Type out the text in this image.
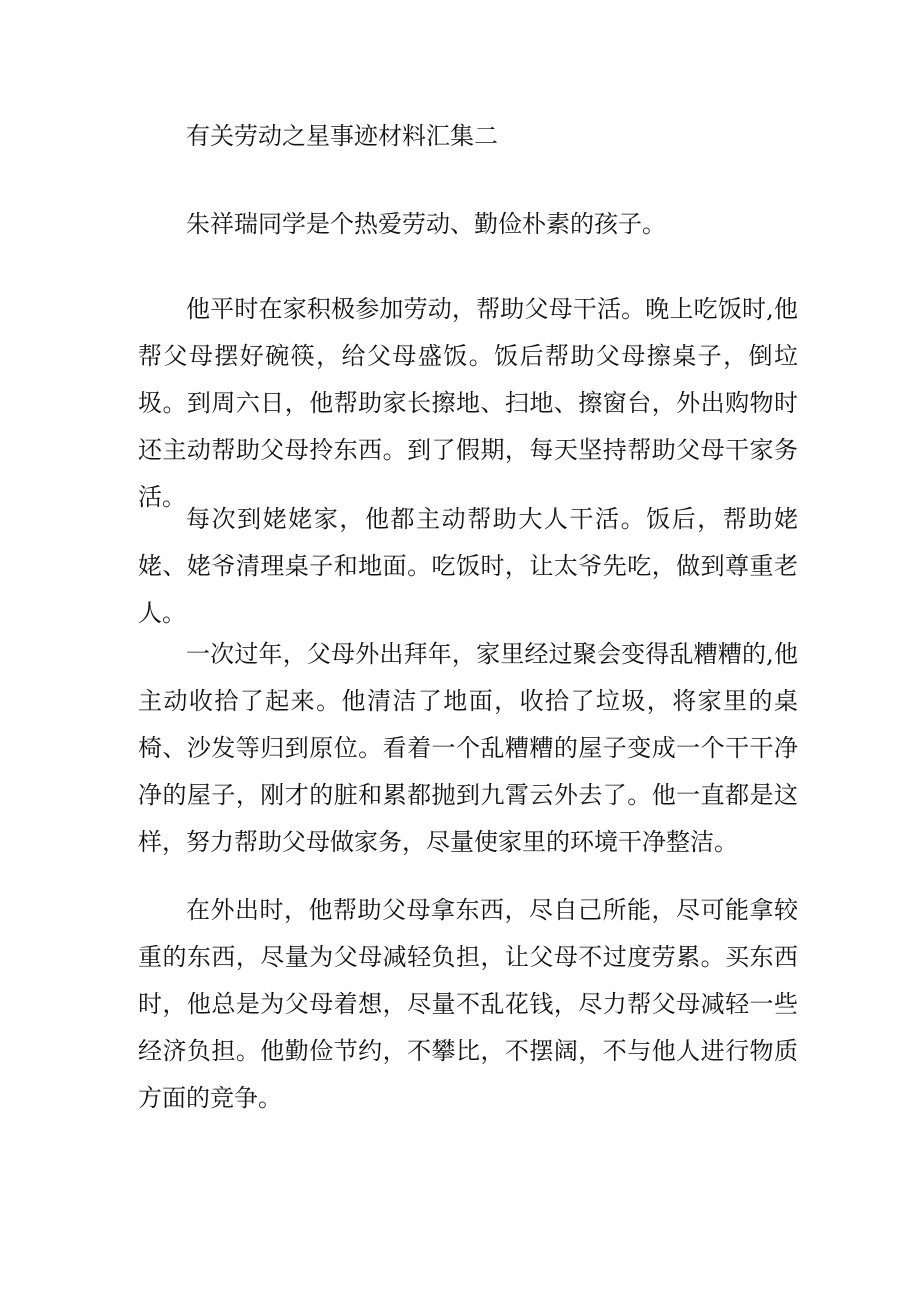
有关劳动之星事迹材料汇集二

朱祥瑞同学是个热爱劳动、勤俭朴素的孩子。

他平时在家积极参加劳动，帮助父母干活。晚上吃饭时,他帮父母摆好碗筷，给父母盛饭。饭后帮助父母擦桌子，倒垃圾。到周六日，他帮助家长擦地、扫地、擦窗台，外出购物时还主动帮助父母拎东西。到了假期，每天坚持帮助父母干家务活。

每次到姥姥家，他都主动帮助大人干活。饭后，帮助姥姥、姥爷清理桌子和地面。吃饭时，让太爷先吃，做到尊重老人。

一次过年，父母外出拜年，家里经过聚会变得乱糟糟的,他主动收拾了起来。他清洁了地面，收拾了垃圾，将家里的桌椅、沙发等归到原位。看着一个乱糟糟的屋子变成一个干干净净的屋子，刚才的脏和累都抛到九霄云外去了。他一直都是这样，努力帮助父母做家务，尽量使家里的环境干净整洁。

在外出时，他帮助父母拿东西，尽自己所能，尽可能拿较重的东西，尽量为父母减轻负担，让父母不过度劳累。买东西时，他总是为父母着想，尽量不乱花钱，尽力帮父母减轻一些经济负担。他勤俭节约，不攀比，不摆阔，不与他人进行物质方面的竞争。
